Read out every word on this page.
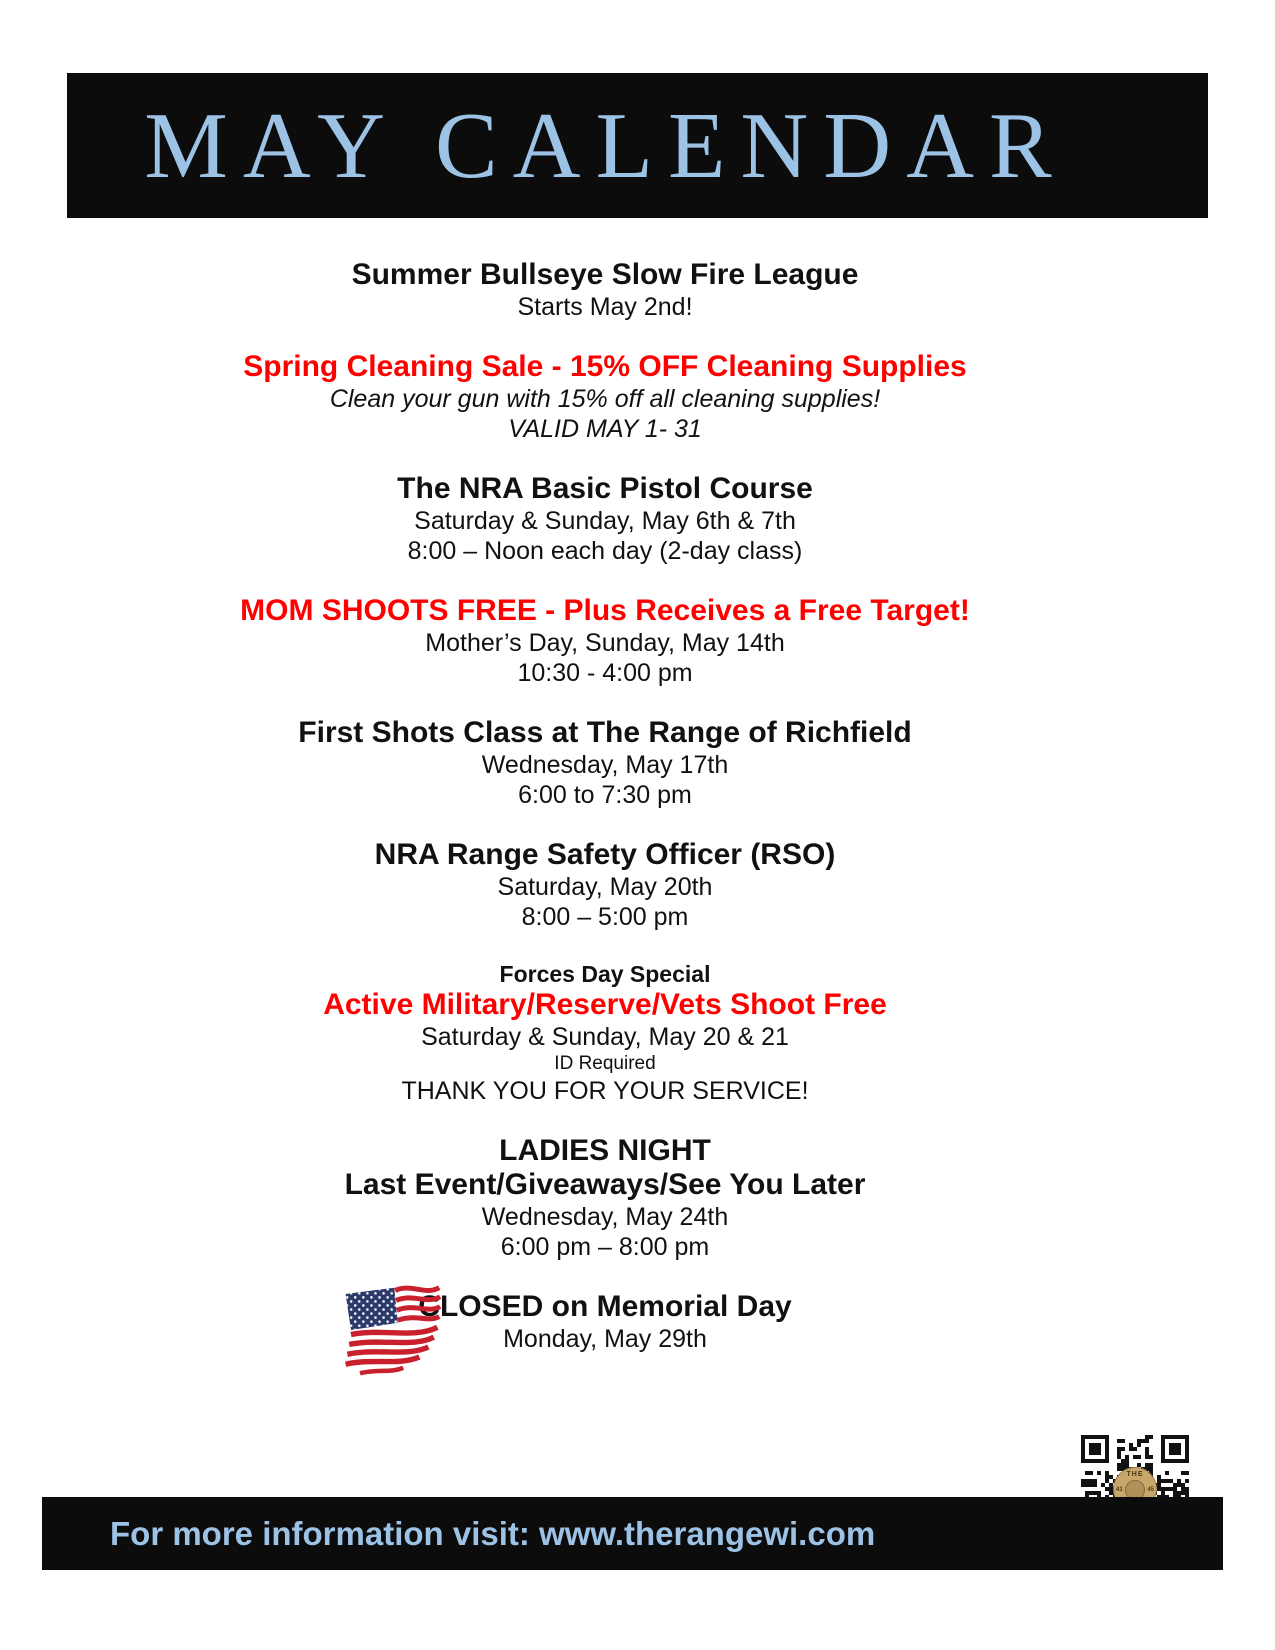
MAY CALENDAR

Summer Bullseye Slow Fire League

Starts May 2nd!

Spring Cleaning Sale - 15% OFF Cleaning Supplies

Clean your gun with 15% off all cleaning supplies!

VALID MAY 1- 31

The NRA Basic Pistol Course

Saturday & Sunday, May 6th & 7th

8:00 – Noon each day (2-day class)

MOM SHOOTS FREE - Plus Receives a Free Target!

Mother’s Day, Sunday, May 14th

10:30 - 4:00 pm

First Shots Class at The Range of Richfield

Wednesday, May 17th

6:00 to 7:30 pm

NRA Range Safety Officer (RSO)

Saturday, May 20th

8:00 – 5:00 pm

Forces Day Special

Active Military/Reserve/Vets Shoot Free

Saturday & Sunday, May 20 & 21

ID Required

THANK YOU FOR YOUR SERVICE!

LADIES NIGHT

Last Event/Giveaways/See You Later

Wednesday, May 24th

6:00 pm – 8:00 pm

CLOSED on Memorial Day

Monday, May 29th

THE
41	45

For more information visit: www.therangewi.com
